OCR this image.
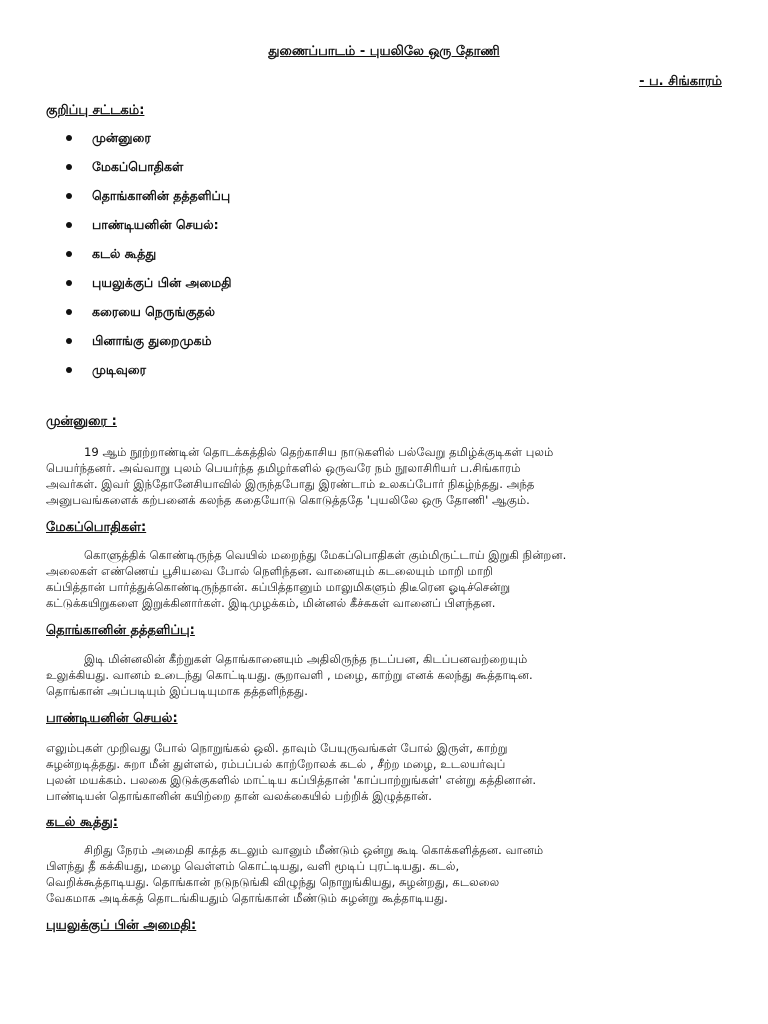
துணைப்பாடம் - புயலிலே ஒரு தோணி
- ப. சிங்காரம்
குறிப்பு சட்டகம்:
முன்னுரை
மேகப்பொதிகள்
தொங்கானின் தத்தளிப்பு
பாண்டியனின் செயல்:
கடல் கூத்து
புயலுக்குப் பின் அமைதி
கரையை நெருங்குதல்
பினாங்கு துறைமுகம்
முடிவுரை
முன்னுரை :
19 ஆம் நூற்றாண்டின் தொடக்கத்தில் தெற்காசிய நாடுகளில் பல்வேறு தமிழ்க்குடிகள் புலம்
பெயர்ந்தனர். அவ்வாறு புலம் பெயர்ந்த தமிழர்களில் ஒருவரே நம் நூலாசிரியர் ப.சிங்காரம்
அவர்கள். இவர் இந்தோனேசியாவில் இருந்தபோது இரண்டாம் உலகப்போர் நிகழ்ந்தது. அந்த
அனுபவங்களைக் கற்பனைக் கலந்த கதையோடு கொடுத்ததே 'புயலிலே ஒரு தோணி' ஆகும்.
மேகப்பொதிகள்:
கொளுத்திக் கொண்டிருந்த வெயில் மறைந்து மேகப்பொதிகள் கும்மிருட்டாய் இறுகி நின்றன.
அலைகள் எண்ணெய் பூசியவை போல் நெளிந்தன. வானையும் கடலையும் மாறி மாறி
கப்பித்தான் பார்த்துக்கொண்டிருந்தான். கப்பித்தானும் மாலுமிகளும் திடீரென ஓடிச்சென்று
கட்டுக்கயிறுகளை இறுக்கினார்கள். இடிமுழக்கம், மின்னல் கீச்சுகள் வானைப் பிளந்தன.
தொங்கானின் தத்தளிப்பு:
இடி மின்னலின் கீற்றுகள் தொங்கானையும் அதிலிருந்த நடப்பன, கிடப்பனவற்றையும்
உலுக்கியது. வானம் உடைந்து கொட்டியது. சூறாவளி , மழை, காற்று எனக் கலந்து கூத்தாடின.
தொங்கான் அப்படியும் இப்படியுமாக தத்தளிந்தது.
பாண்டியனின் செயல்:
எலும்புகள் முறிவது போல் நொறுங்கல் ஒலி. தாவும் பேயுருவங்கள் போல் இருள், காற்று
சுழன்றடித்தது. சுறா மீன் துள்ளல், ரம்பப்பல் காற்றோலக் கடல் , சீற்ற மழை, உடலயர்வுப்
புலன் மயக்கம். பலகை இடுக்குகளில் மாட்டிய கப்பித்தான் 'காப்பாற்றுங்கள்' என்று கத்தினான்.
பாண்டியன் தொங்கானின் கயிற்றை தான் வலக்கையில் பற்றிக் இழுத்தான்.
கடல் கூத்து:
சிறிது நேரம் அமைதி காத்த கடலும் வானும் மீண்டும் ஒன்று கூடி கொக்களித்தன. வானம்
பிளந்து தீ கக்கியது, மழை வெள்ளம் கொட்டியது, வளி மூடிப் புரட்டியது. கடல்,
வெறிக்கூத்தாடியது. தொங்கான் நடுநடுங்கி விழுந்து நொறுங்கியது, சுழன்றது, கடலலை
வேகமாக அடிக்கத் தொடங்கியதும் தொங்கான் மீண்டும் சுழன்று கூத்தாடியது.
புயலுக்குப் பின் அமைதி:
